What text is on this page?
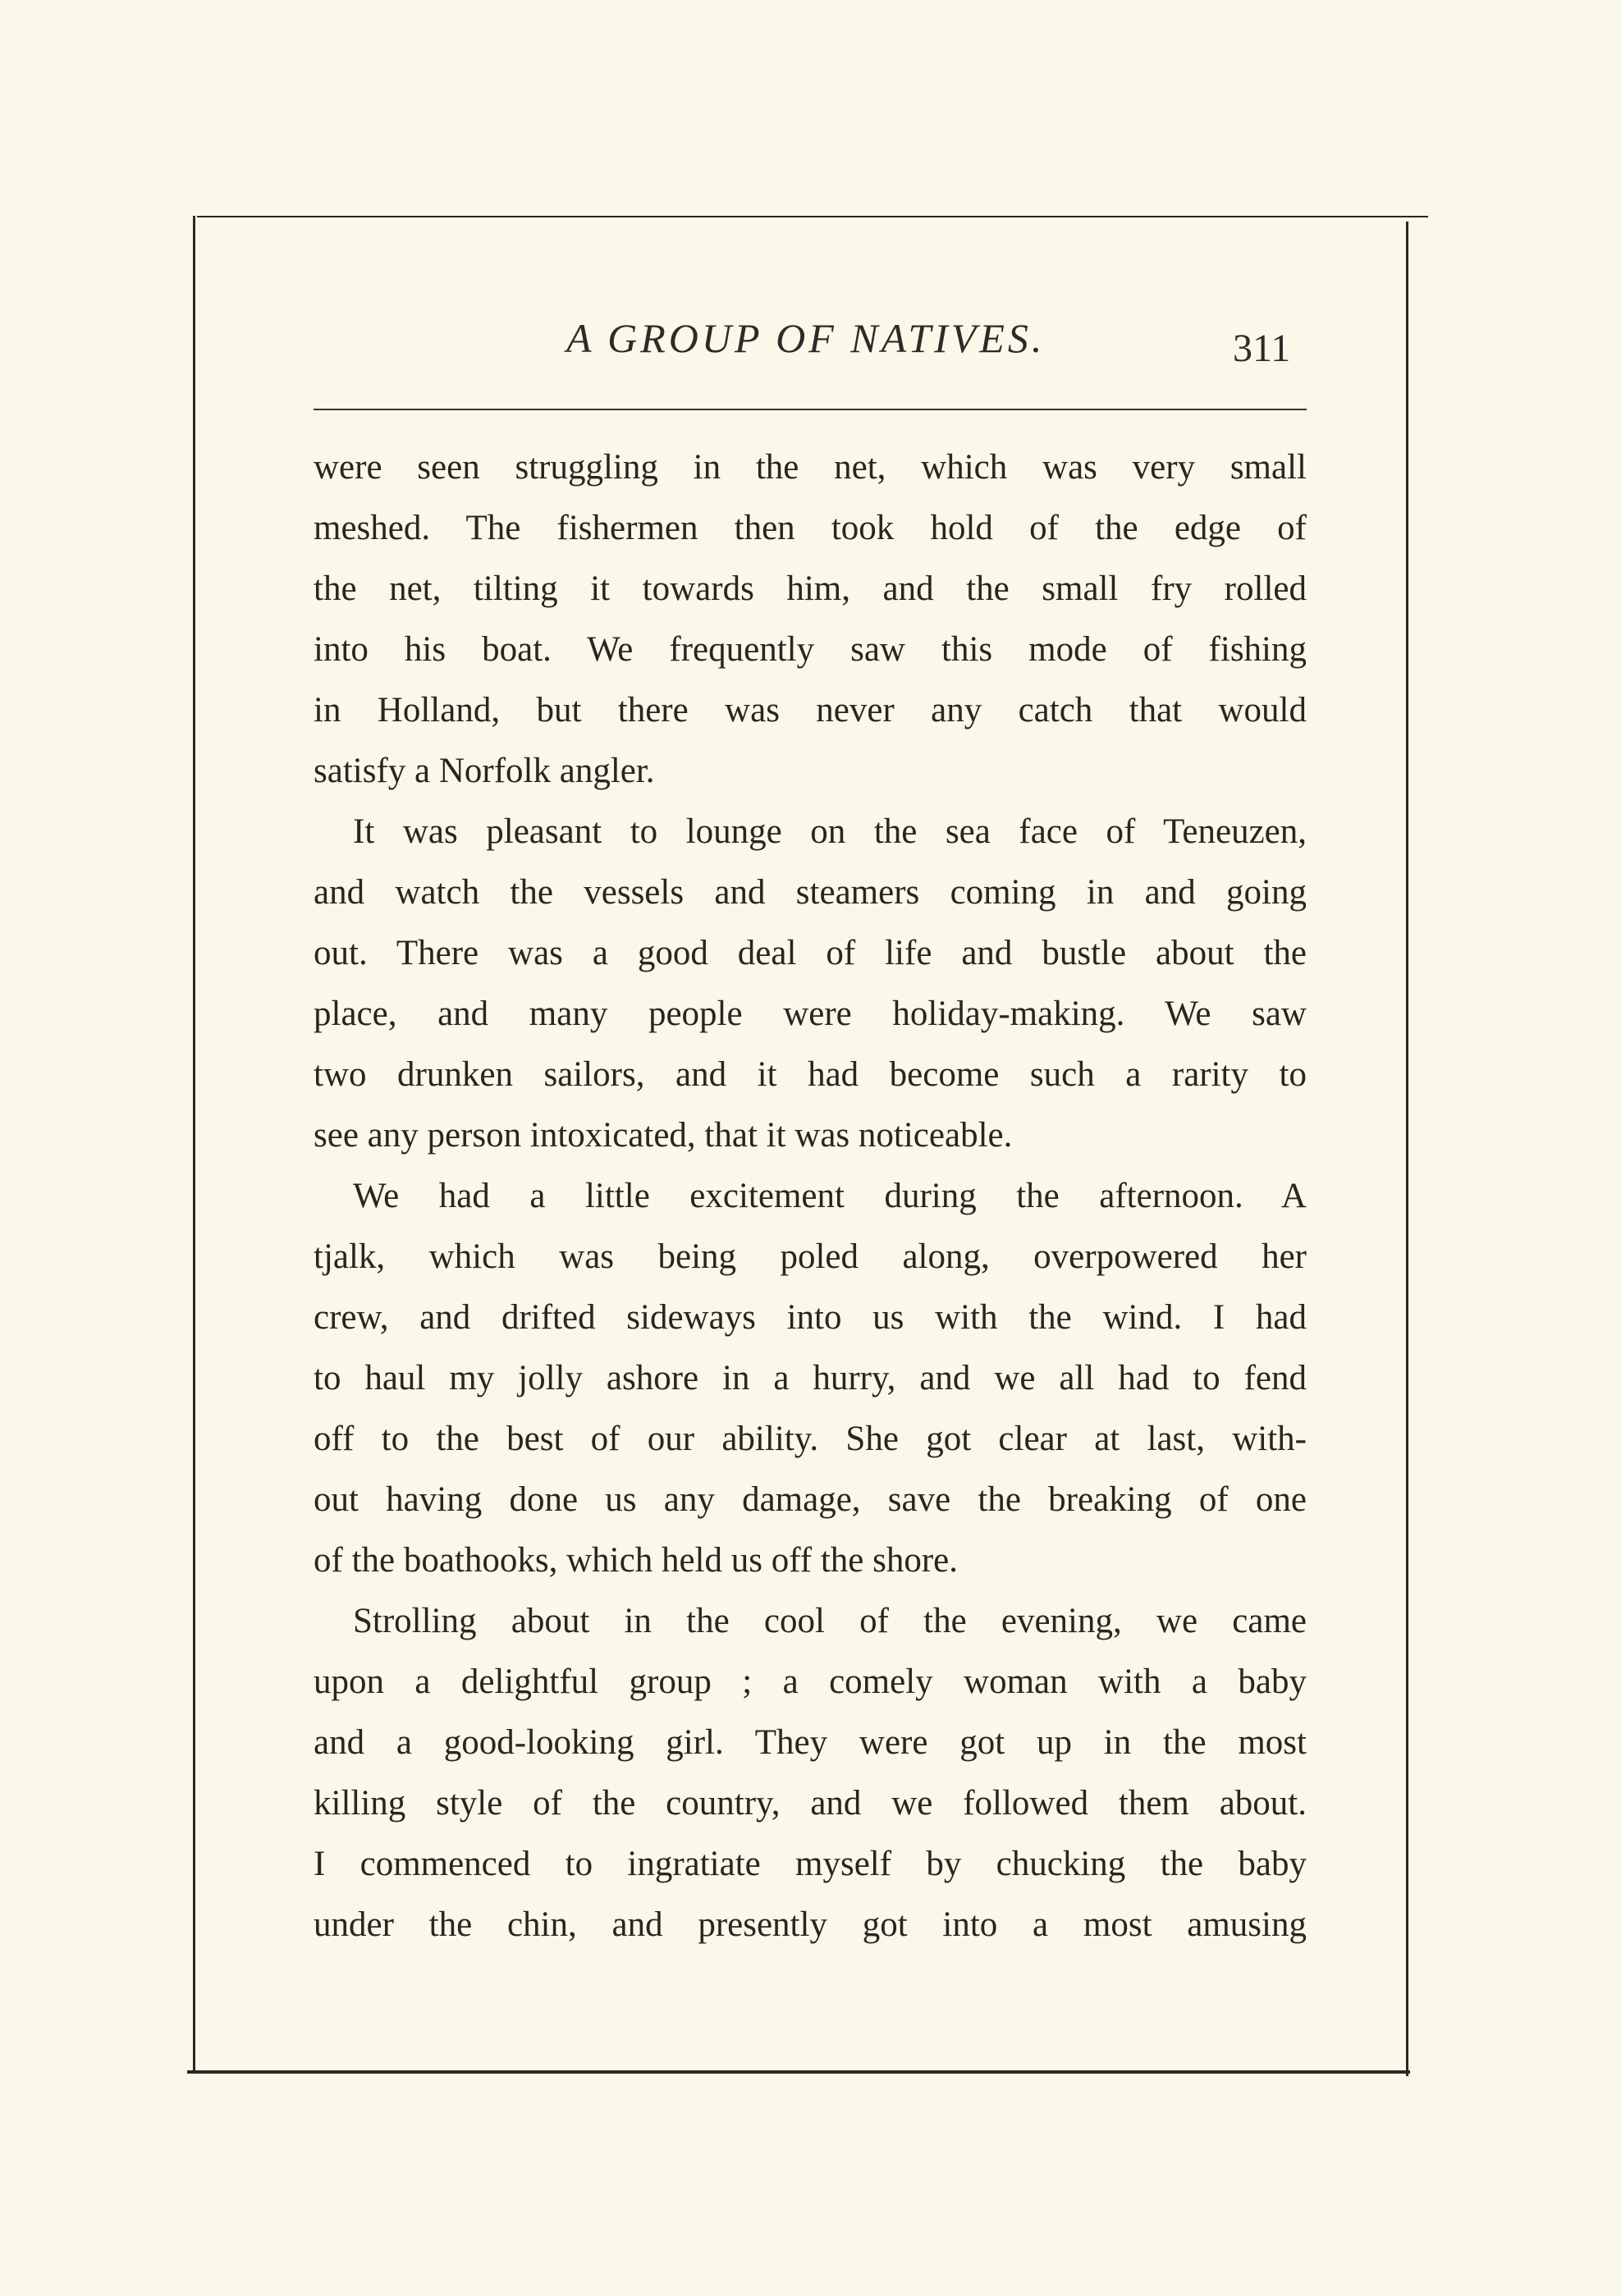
A GROUP OF NATIVES.	311
were seen struggling in the net, which was very small
meshed. The fishermen then took hold of the edge of
the net, tilting it towards him, and the small fry rolled
into his boat. We frequently saw this mode of fishing
in Holland, but there was never any catch that would
satisfy a Norfolk angler.
It was pleasant to lounge on the sea face of Teneuzen,
and watch the vessels and steamers coming in and going
out. There was a good deal of life and bustle about the
place, and many people were holiday-making. We saw
two drunken sailors, and it had become such a rarity to
see any person intoxicated, that it was noticeable.
We had a little excitement during the afternoon. A
tjalk, which was being poled along, overpowered her
crew, and drifted sideways into us with the wind. I had
to haul my jolly ashore in a hurry, and we all had to fend
off to the best of our ability. She got clear at last, with-
out having done us any damage, save the breaking of one
of the boathooks, which held us off the shore.
Strolling about in the cool of the evening, we came
upon a delightful group ; a comely woman with a baby
and a good-looking girl. They were got up in the most
killing style of the country, and we followed them about.
I commenced to ingratiate myself by chucking the baby
under the chin, and presently got into a most amusing
